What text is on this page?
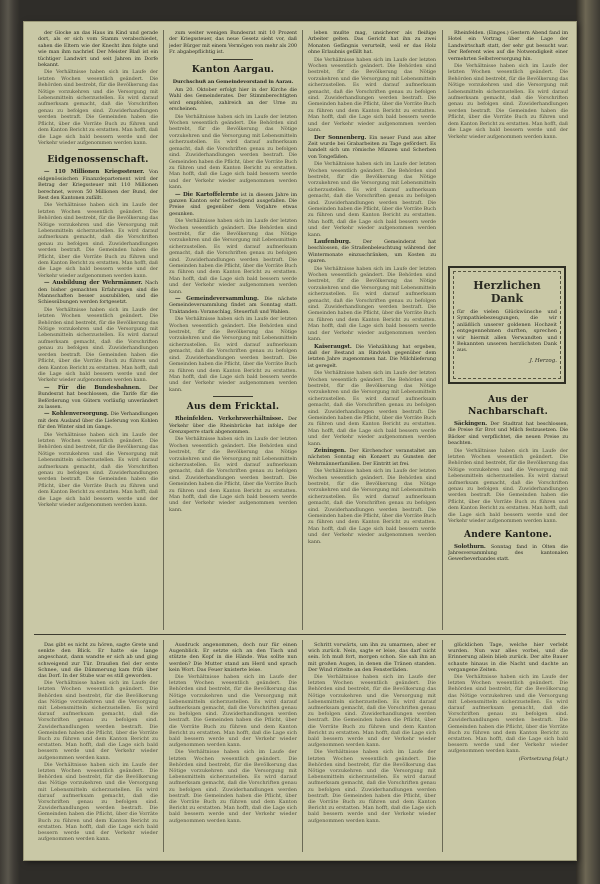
der Glocke an das Haus im Kind und gerade dort, als er sich vom Stamm verabschiedet, sahen die Eltern wie der Knecht ihm folgte und wie man ihm nachrief. Der Meister Blaß ist ein tüchtiger Landwirt und seit Jahren im Dorfe bekannt.

Die Verhältnisse haben sich im Laufe der letzten Wochen wesentlich geändert. Die Behörden sind bestrebt, für die Bevölkerung das Nötige vorzukehren und die Versorgung mit Lebensmitteln sicherzustellen. Es wird darauf aufmerksam gemacht, daß die Vorschriften genau zu befolgen sind. Zuwiderhandlungen werden bestraft. Die Gemeinden haben die Pflicht, über die Vorräte Buch zu führen und dem Kanton Bericht zu erstatten. Man hofft, daß die Lage sich bald bessern werde und der Verkehr wieder aufgenommen werden kann.

Eidgenossenschaft.

— 110 Millionen Kriegssteuer. Von eidgenössischen Finanzdepartement wird der Betrag der Kriegssteuer mit 110 Millionen berechnet, wovon 50 Millionen der Bund, der Rest den Kantonen zufällt.

Die Verhältnisse haben sich im Laufe der letzten Wochen wesentlich geändert. Die Behörden sind bestrebt, für die Bevölkerung das Nötige vorzukehren und die Versorgung mit Lebensmitteln sicherzustellen. Es wird darauf aufmerksam gemacht, daß die Vorschriften genau zu befolgen sind. Zuwiderhandlungen werden bestraft. Die Gemeinden haben die Pflicht, über die Vorräte Buch zu führen und dem Kanton Bericht zu erstatten. Man hofft, daß die Lage sich bald bessern werde und der Verkehr wieder aufgenommen werden kann.

— Ausbildung der Wehrmänner. Nach den bisher gemachten Erfahrungen sind die Mannschaften besser auszubilden, und die Schiessübungen werden fortgesetzt.

Die Verhältnisse haben sich im Laufe der letzten Wochen wesentlich geändert. Die Behörden sind bestrebt, für die Bevölkerung das Nötige vorzukehren und die Versorgung mit Lebensmitteln sicherzustellen. Es wird darauf aufmerksam gemacht, daß die Vorschriften genau zu befolgen sind. Zuwiderhandlungen werden bestraft. Die Gemeinden haben die Pflicht, über die Vorräte Buch zu führen und dem Kanton Bericht zu erstatten. Man hofft, daß die Lage sich bald bessern werde und der Verkehr wieder aufgenommen werden kann.

— Für die Bundesbahnen. Der Bundesrat hat beschlossen, die Tarife für die Beförderung von Gütern vorläufig unverändert zu lassen.

— Kohlenversorgung. Die Verhandlungen mit dem Ausland über die Lieferung von Kohlen für den Winter sind im Gange.

Die Verhältnisse haben sich im Laufe der letzten Wochen wesentlich geändert. Die Behörden sind bestrebt, für die Bevölkerung das Nötige vorzukehren und die Versorgung mit Lebensmitteln sicherzustellen. Es wird darauf aufmerksam gemacht, daß die Vorschriften genau zu befolgen sind. Zuwiderhandlungen werden bestraft. Die Gemeinden haben die Pflicht, über die Vorräte Buch zu führen und dem Kanton Bericht zu erstatten. Man hofft, daß die Lage sich bald bessern werde und der Verkehr wieder aufgenommen werden kann.

zum weiter wenigen Bundesrat mit 10 Prozent der Kriegssteuer, das neue Gesetz sieht vor, daß jeder Bürger mit einem Vermögen von mehr als 200 Fr. abgabepflichtig ist.

Kanton Aargau.
Durchschuß an Gemeindevorstand in Aarau.

Am 20. Oktober erfolgt hier in der Kirche die Wahl des Gemeinderates. Der Stimmberechtigten wird empfohlen, zahlreich an der Urne zu erscheinen.

Die Verhältnisse haben sich im Laufe der letzten Wochen wesentlich geändert. Die Behörden sind bestrebt, für die Bevölkerung das Nötige vorzukehren und die Versorgung mit Lebensmitteln sicherzustellen. Es wird darauf aufmerksam gemacht, daß die Vorschriften genau zu befolgen sind. Zuwiderhandlungen werden bestraft. Die Gemeinden haben die Pflicht, über die Vorräte Buch zu führen und dem Kanton Bericht zu erstatten. Man hofft, daß die Lage sich bald bessern werde und der Verkehr wieder aufgenommen werden kann.

— Die Kartoffelernte ist in diesem Jahre im ganzen Kanton sehr befriedigend ausgefallen. Die Preise sind gegenüber dem Vorjahre etwas gesunken.

Die Verhältnisse haben sich im Laufe der letzten Wochen wesentlich geändert. Die Behörden sind bestrebt, für die Bevölkerung das Nötige vorzukehren und die Versorgung mit Lebensmitteln sicherzustellen. Es wird darauf aufmerksam gemacht, daß die Vorschriften genau zu befolgen sind. Zuwiderhandlungen werden bestraft. Die Gemeinden haben die Pflicht, über die Vorräte Buch zu führen und dem Kanton Bericht zu erstatten. Man hofft, daß die Lage sich bald bessern werde und der Verkehr wieder aufgenommen werden kann.

— Gemeindeversammlung. Die nächste Gemeindeversammlung findet am Sonntag statt. Traktanden: Voranschlag, Steuerfuß und Wahlen.

Die Verhältnisse haben sich im Laufe der letzten Wochen wesentlich geändert. Die Behörden sind bestrebt, für die Bevölkerung das Nötige vorzukehren und die Versorgung mit Lebensmitteln sicherzustellen. Es wird darauf aufmerksam gemacht, daß die Vorschriften genau zu befolgen sind. Zuwiderhandlungen werden bestraft. Die Gemeinden haben die Pflicht, über die Vorräte Buch zu führen und dem Kanton Bericht zu erstatten. Man hofft, daß die Lage sich bald bessern werde und der Verkehr wieder aufgenommen werden kann.

Aus dem Fricktal.

Rheinfelden. Verkehrsverhältnisse. Der Verkehr über die Rheinbrücke hat infolge der Grenzsperre stark abgenommen.

Die Verhältnisse haben sich im Laufe der letzten Wochen wesentlich geändert. Die Behörden sind bestrebt, für die Bevölkerung das Nötige vorzukehren und die Versorgung mit Lebensmitteln sicherzustellen. Es wird darauf aufmerksam gemacht, daß die Vorschriften genau zu befolgen sind. Zuwiderhandlungen werden bestraft. Die Gemeinden haben die Pflicht, über die Vorräte Buch zu führen und dem Kanton Bericht zu erstatten. Man hofft, daß die Lage sich bald bessern werde und der Verkehr wieder aufgenommen werden kann.

leben mußte mag, unsicherer als fleißige Arbeiter gelten. Das Gericht hat ihn zu zwei Monaten Gefängnis verurteilt, weil er das Holz ohne Erlaubnis gefällt hat.

Die Verhältnisse haben sich im Laufe der letzten Wochen wesentlich geändert. Die Behörden sind bestrebt, für die Bevölkerung das Nötige vorzukehren und die Versorgung mit Lebensmitteln sicherzustellen. Es wird darauf aufmerksam gemacht, daß die Vorschriften genau zu befolgen sind. Zuwiderhandlungen werden bestraft. Die Gemeinden haben die Pflicht, über die Vorräte Buch zu führen und dem Kanton Bericht zu erstatten. Man hofft, daß die Lage sich bald bessern werde und der Verkehr wieder aufgenommen werden kann.

Der Sonnenberg. Ein neuer Fund aus alter Zeit wurde bei Grabarbeiten zu Tage gefördert. Es handelt sich um römische Münzen und Scherben von Tongefäßen.

Die Verhältnisse haben sich im Laufe der letzten Wochen wesentlich geändert. Die Behörden sind bestrebt, für die Bevölkerung das Nötige vorzukehren und die Versorgung mit Lebensmitteln sicherzustellen. Es wird darauf aufmerksam gemacht, daß die Vorschriften genau zu befolgen sind. Zuwiderhandlungen werden bestraft. Die Gemeinden haben die Pflicht, über die Vorräte Buch zu führen und dem Kanton Bericht zu erstatten. Man hofft, daß die Lage sich bald bessern werde und der Verkehr wieder aufgenommen werden kann.

Laufenburg. Der Gemeinderat hat beschlossen, die Straßenbeleuchtung während der Wintermonate einzuschränken, um Kosten zu sparen.

Die Verhältnisse haben sich im Laufe der letzten Wochen wesentlich geändert. Die Behörden sind bestrebt, für die Bevölkerung das Nötige vorzukehren und die Versorgung mit Lebensmitteln sicherzustellen. Es wird darauf aufmerksam gemacht, daß die Vorschriften genau zu befolgen sind. Zuwiderhandlungen werden bestraft. Die Gemeinden haben die Pflicht, über die Vorräte Buch zu führen und dem Kanton Bericht zu erstatten. Man hofft, daß die Lage sich bald bessern werde und der Verkehr wieder aufgenommen werden kann.

Kaiseraugst. Die Viehzählung hat ergeben, daß der Bestand an Rindvieh gegenüber dem letzten Jahre zugenommen hat. Die Milchlieferung ist geregelt.

Die Verhältnisse haben sich im Laufe der letzten Wochen wesentlich geändert. Die Behörden sind bestrebt, für die Bevölkerung das Nötige vorzukehren und die Versorgung mit Lebensmitteln sicherzustellen. Es wird darauf aufmerksam gemacht, daß die Vorschriften genau zu befolgen sind. Zuwiderhandlungen werden bestraft. Die Gemeinden haben die Pflicht, über die Vorräte Buch zu führen und dem Kanton Bericht zu erstatten. Man hofft, daß die Lage sich bald bessern werde und der Verkehr wieder aufgenommen werden kann.

Zeiningen. Der Kirchenchor veranstaltet am nächsten Sonntag ein Konzert zu Gunsten der Wehrmännerfamilien. Der Eintritt ist frei.

Die Verhältnisse haben sich im Laufe der letzten Wochen wesentlich geändert. Die Behörden sind bestrebt, für die Bevölkerung das Nötige vorzukehren und die Versorgung mit Lebensmitteln sicherzustellen. Es wird darauf aufmerksam gemacht, daß die Vorschriften genau zu befolgen sind. Zuwiderhandlungen werden bestraft. Die Gemeinden haben die Pflicht, über die Vorräte Buch zu führen und dem Kanton Bericht zu erstatten. Man hofft, daß die Lage sich bald bessern werde und der Verkehr wieder aufgenommen werden kann.

Rheinfelden. (Einges.) Gestern Abend fand im Hotel ein Vortrag über die Lage der Landwirtschaft statt, der sehr gut besucht war. Der Referent wies auf die Notwendigkeit einer vermehrten Selbstversorgung hin.

Die Verhältnisse haben sich im Laufe der letzten Wochen wesentlich geändert. Die Behörden sind bestrebt, für die Bevölkerung das Nötige vorzukehren und die Versorgung mit Lebensmitteln sicherzustellen. Es wird darauf aufmerksam gemacht, daß die Vorschriften genau zu befolgen sind. Zuwiderhandlungen werden bestraft. Die Gemeinden haben die Pflicht, über die Vorräte Buch zu führen und dem Kanton Bericht zu erstatten. Man hofft, daß die Lage sich bald bessern werde und der Verkehr wieder aufgenommen werden kann.

Herzlichen Dank
für die vielen Glückwünsche und Sympathiebezeugungen, die wir anläßlich unserer goldenen Hochzeit entgegennehmen durften, sprechen wir hiermit allen Verwandten und Bekannten unseren herzlichsten Dank aus.
J. Herzog.
Aus der Nachbarschaft.

Säckingen. Der Stadtrat hat beschlossen, die Preise für Brot und Milch festzusetzen. Die Bäcker sind verpflichtet, die neuen Preise zu beachten.

Die Verhältnisse haben sich im Laufe der letzten Wochen wesentlich geändert. Die Behörden sind bestrebt, für die Bevölkerung das Nötige vorzukehren und die Versorgung mit Lebensmitteln sicherzustellen. Es wird darauf aufmerksam gemacht, daß die Vorschriften genau zu befolgen sind. Zuwiderhandlungen werden bestraft. Die Gemeinden haben die Pflicht, über die Vorräte Buch zu führen und dem Kanton Bericht zu erstatten. Man hofft, daß die Lage sich bald bessern werde und der Verkehr wieder aufgenommen werden kann.

Andere Kantone.

Solothurn. Sonntag fand in Olten die Jahresversammlung des kantonalen Gewerbeverbandes statt.

Das gibt es nicht zu hören, sagte Grete und senkte den Blick. Er hatte sie lange angeschaut, dann wandte er sich ab und ging schweigend zur Tür. Draußen fiel der erste Schnee, und die Dämmerung kam früh über das Dorf. In der Stube war es still geworden.

Die Verhältnisse haben sich im Laufe der letzten Wochen wesentlich geändert. Die Behörden sind bestrebt, für die Bevölkerung das Nötige vorzukehren und die Versorgung mit Lebensmitteln sicherzustellen. Es wird darauf aufmerksam gemacht, daß die Vorschriften genau zu befolgen sind. Zuwiderhandlungen werden bestraft. Die Gemeinden haben die Pflicht, über die Vorräte Buch zu führen und dem Kanton Bericht zu erstatten. Man hofft, daß die Lage sich bald bessern werde und der Verkehr wieder aufgenommen werden kann.

Die Verhältnisse haben sich im Laufe der letzten Wochen wesentlich geändert. Die Behörden sind bestrebt, für die Bevölkerung das Nötige vorzukehren und die Versorgung mit Lebensmitteln sicherzustellen. Es wird darauf aufmerksam gemacht, daß die Vorschriften genau zu befolgen sind. Zuwiderhandlungen werden bestraft. Die Gemeinden haben die Pflicht, über die Vorräte Buch zu führen und dem Kanton Bericht zu erstatten. Man hofft, daß die Lage sich bald bessern werde und der Verkehr wieder aufgenommen werden kann.

Ausdruck angenommen, doch nur für einen Augenblick. Er setzte sich an den Tisch und stützte den Kopf in die Hände. Was sollte nun werden? Die Mutter stand am Herd und sprach kein Wort. Das Feuer knisterte leise.

Die Verhältnisse haben sich im Laufe der letzten Wochen wesentlich geändert. Die Behörden sind bestrebt, für die Bevölkerung das Nötige vorzukehren und die Versorgung mit Lebensmitteln sicherzustellen. Es wird darauf aufmerksam gemacht, daß die Vorschriften genau zu befolgen sind. Zuwiderhandlungen werden bestraft. Die Gemeinden haben die Pflicht, über die Vorräte Buch zu führen und dem Kanton Bericht zu erstatten. Man hofft, daß die Lage sich bald bessern werde und der Verkehr wieder aufgenommen werden kann.

Die Verhältnisse haben sich im Laufe der letzten Wochen wesentlich geändert. Die Behörden sind bestrebt, für die Bevölkerung das Nötige vorzukehren und die Versorgung mit Lebensmitteln sicherzustellen. Es wird darauf aufmerksam gemacht, daß die Vorschriften genau zu befolgen sind. Zuwiderhandlungen werden bestraft. Die Gemeinden haben die Pflicht, über die Vorräte Buch zu führen und dem Kanton Bericht zu erstatten. Man hofft, daß die Lage sich bald bessern werde und der Verkehr wieder aufgenommen werden kann.

Schritt vorwärts, um ihn zu umarmen, aber er wich zurück. Nein, sagte er leise, das darf nicht sein. Ich muß fort, morgen schon. Sie sah ihn an mit großen Augen, in denen die Tränen standen. Der Wind rüttelte an den Fensterläden.

Die Verhältnisse haben sich im Laufe der letzten Wochen wesentlich geändert. Die Behörden sind bestrebt, für die Bevölkerung das Nötige vorzukehren und die Versorgung mit Lebensmitteln sicherzustellen. Es wird darauf aufmerksam gemacht, daß die Vorschriften genau zu befolgen sind. Zuwiderhandlungen werden bestraft. Die Gemeinden haben die Pflicht, über die Vorräte Buch zu führen und dem Kanton Bericht zu erstatten. Man hofft, daß die Lage sich bald bessern werde und der Verkehr wieder aufgenommen werden kann.

Die Verhältnisse haben sich im Laufe der letzten Wochen wesentlich geändert. Die Behörden sind bestrebt, für die Bevölkerung das Nötige vorzukehren und die Versorgung mit Lebensmitteln sicherzustellen. Es wird darauf aufmerksam gemacht, daß die Vorschriften genau zu befolgen sind. Zuwiderhandlungen werden bestraft. Die Gemeinden haben die Pflicht, über die Vorräte Buch zu führen und dem Kanton Bericht zu erstatten. Man hofft, daß die Lage sich bald bessern werde und der Verkehr wieder aufgenommen werden kann.

glücklichen Tage, welche hier verlebt wurden. Nun war alles vorbei, und die Erinnerung allein blieb zurück. Der alte Bauer schaute hinaus in die Nacht und dachte an vergangene Zeiten.

Die Verhältnisse haben sich im Laufe der letzten Wochen wesentlich geändert. Die Behörden sind bestrebt, für die Bevölkerung das Nötige vorzukehren und die Versorgung mit Lebensmitteln sicherzustellen. Es wird darauf aufmerksam gemacht, daß die Vorschriften genau zu befolgen sind. Zuwiderhandlungen werden bestraft. Die Gemeinden haben die Pflicht, über die Vorräte Buch zu führen und dem Kanton Bericht zu erstatten. Man hofft, daß die Lage sich bald bessern werde und der Verkehr wieder aufgenommen werden kann.

(Fortsetzung folgt.)
